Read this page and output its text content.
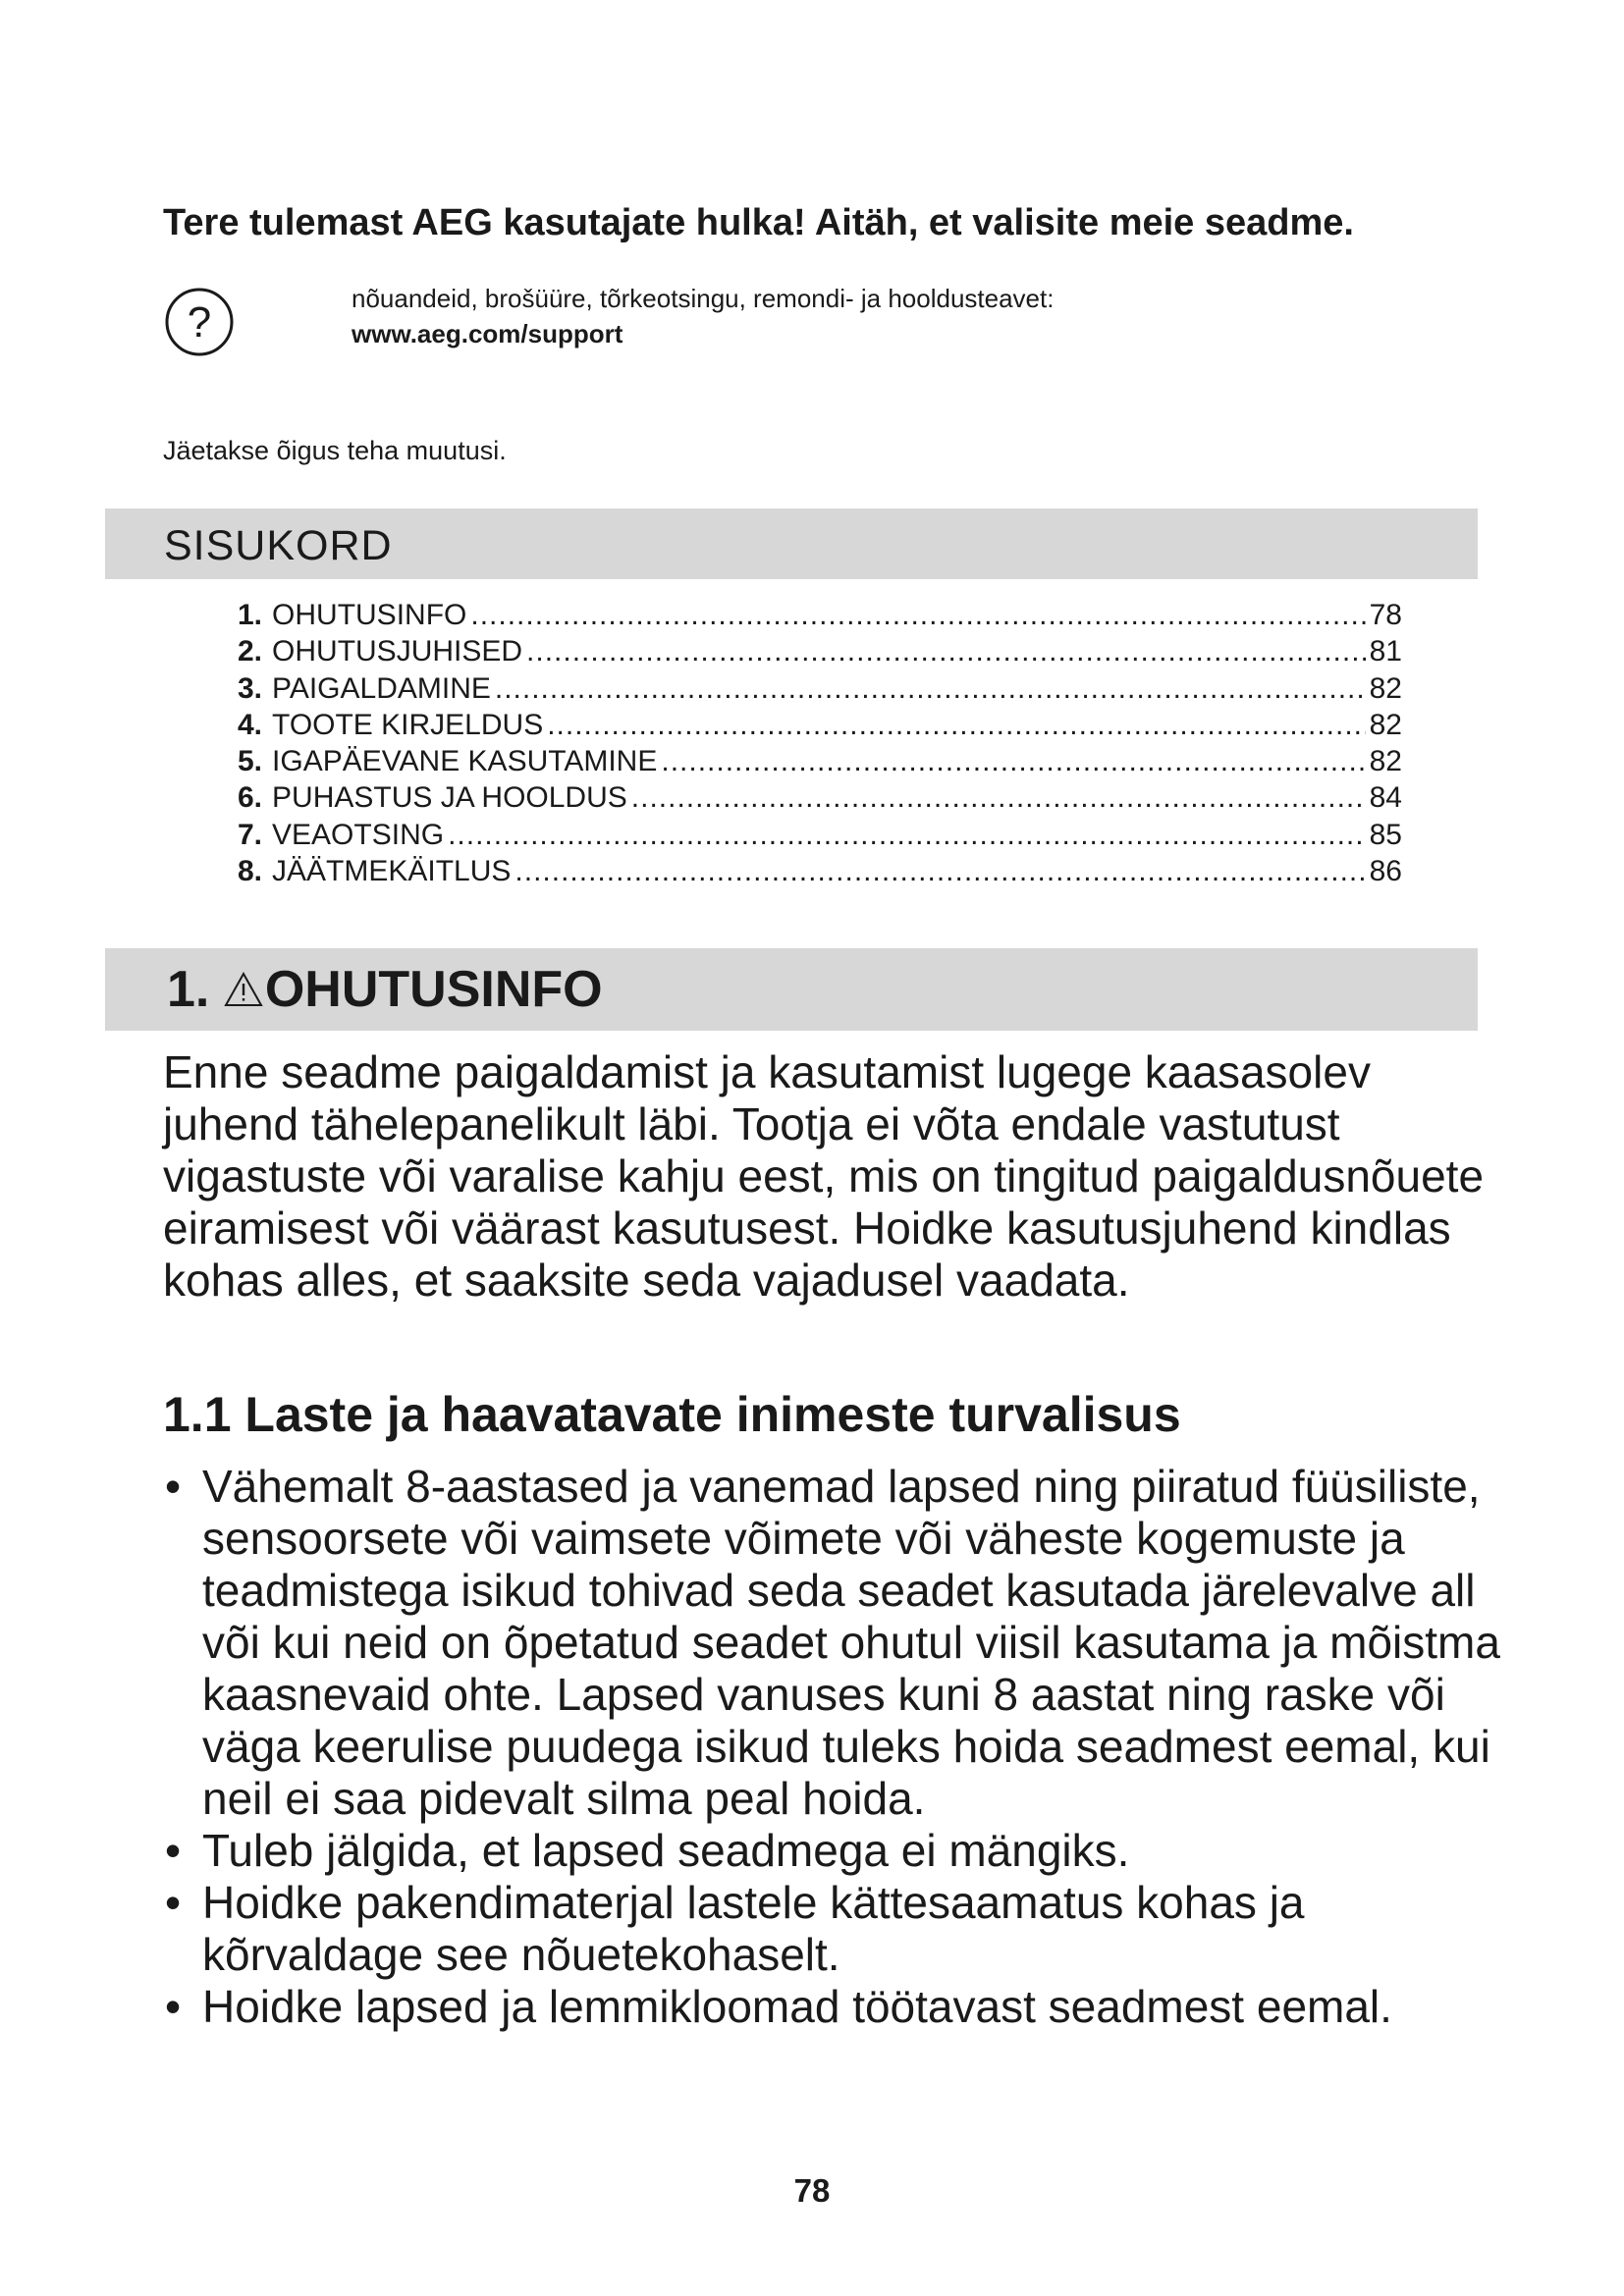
Tere tulemast AEG kasutajate hulka! Aitäh, et valisite meie seadme.
?	nõuandeid, brošüüre, tõrkeotsingu, remondi- ja hooldusteavet:
www.aeg.com/support
Jäetakse õigus teha muutusi.
SISUKORD
1. OHUTUSINFO .....	78
2. OHUTUSJUHISED .....	81
3. PAIGALDAMINE .....	82
4. TOOTE KIRJELDUS .....	82
5. IGAPÄEVANE KASUTAMINE .....	82
6. PUHASTUS JA HOOLDUS .....	84
7. VEAOTSING .....	85
8. JÄÄTMEKÄITLUS .....	86
1. OHUTUSINFO

Enne seadme paigaldamist ja kasutamist lugege kaasasolev juhend tähelepanelikult läbi. Tootja ei võta endale vastutust vigastuste või varalise kahju eest, mis on tingitud paigaldusnõuete eiramisest või väärast kasutusest. Hoidke kasutusjuhend kindlas kohas alles, et saaksite seda vajadusel vaadata.

1.1 Laste ja haavatavate inimeste turvalisus
• Vähemalt 8-aastased ja vanemad lapsed ning piiratud füüsiliste, sensoorsete või vaimsete võimete või väheste kogemuste ja teadmistega isikud tohivad seda seadet kasutada järelevalve all või kui neid on õpetatud seadet ohutul viisil kasutama ja mõistma kaasnevaid ohte. Lapsed vanuses kuni 8 aastat ning raske või väga keerulise puudega isikud tuleks hoida seadmest eemal, kui neil ei saa pidevalt silma peal hoida.
• Tuleb jälgida, et lapsed seadmega ei mängiks.
• Hoidke pakendimaterjal lastele kättesaamatus kohas ja kõrvaldage see nõuetekohaselt.
• Hoidke lapsed ja lemmikloomad töötavast seadmest eemal.
78
